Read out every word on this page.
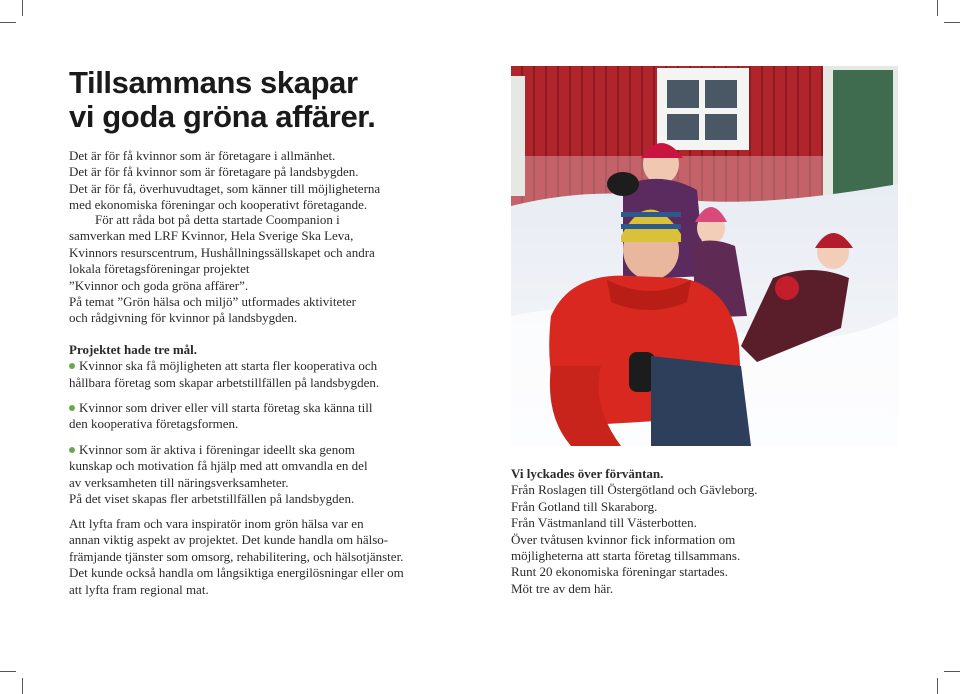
Tillsammans skapar
vi goda gröna affärer.
Det är för få kvinnor som är företagare i allmänhet.
Det är för få kvinnor som är företagare på landsbygden.
Det är för få, överhuvudtaget, som känner till möjligheterna
med ekonomiska föreningar och kooperativt företagande.
För att råda bot på detta startade Coompanion i
samverkan med LRF Kvinnor, Hela Sverige Ska Leva,
Kvinnors resurscentrum, Hushållningssällskapet och andra
lokala företagsföreningar projektet
”Kvinnor och goda gröna affärer”.
På temat ”Grön hälsa och miljö” utformades aktiviteter
och rådgivning för kvinnor på landsbygden.
Projektet hade tre mål.
Kvinnor ska få möjligheten att starta fler kooperativa och
hållbara företag som skapar arbetstillfällen på landsbygden.
Kvinnor som driver eller vill starta företag ska känna till
den kooperativa företagsformen.
Kvinnor som är aktiva i föreningar ideellt ska genom
kunskap och motivation få hjälp med att omvandla en del
av verksamheten till näringsverksamheter.
På det viset skapas fler arbetstillfällen på landsbygden.
Att lyfta fram och vara inspiratör inom grön hälsa var en
annan viktig aspekt av projektet. Det kunde handla om hälso-
främjande tjänster som omsorg, rehabilitering, och hälsotjänster.
Det kunde också handla om långsiktiga energilösningar eller om
att lyfta fram regional mat.
Vi lyckades över förväntan.
Från Roslagen till Östergötland och Gävleborg.
Från Gotland till Skaraborg.
Från Västmanland till Västerbotten.
Över tvåtusen kvinnor fick information om
möjligheterna att starta företag tillsammans.
Runt 20 ekonomiska föreningar startades.
Möt tre av dem här.
